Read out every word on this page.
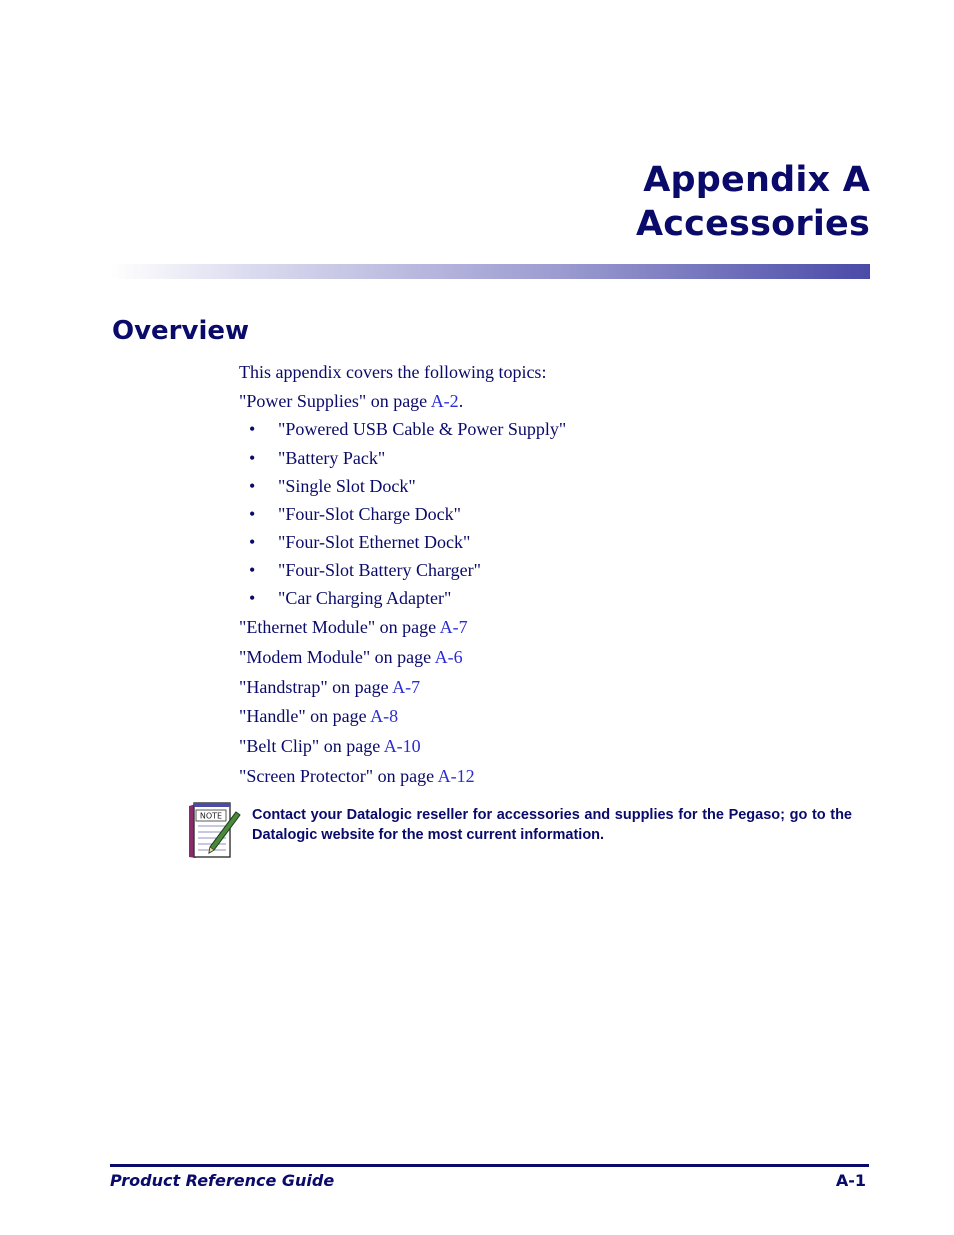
Appendix A
Accessories
Overview
This appendix covers the following topics:
"Power Supplies" on page A-2.
• "Powered USB Cable & Power Supply"
• "Battery Pack"
• "Single Slot Dock"
• "Four-Slot Charge Dock"
• "Four-Slot Ethernet Dock"
• "Four-Slot Battery Charger"
• "Car Charging Adapter"
"Ethernet Module" on page A-7
"Modem Module" on page A-6
"Handstrap" on page A-7
"Handle" on page A-8
"Belt Clip" on page A-10
"Screen Protector" on page A-12
NOTE Contact your Datalogic reseller for accessories and supplies for the Pegaso; go to the Datalogic website for the most current information.
Product Reference Guide	A-1
